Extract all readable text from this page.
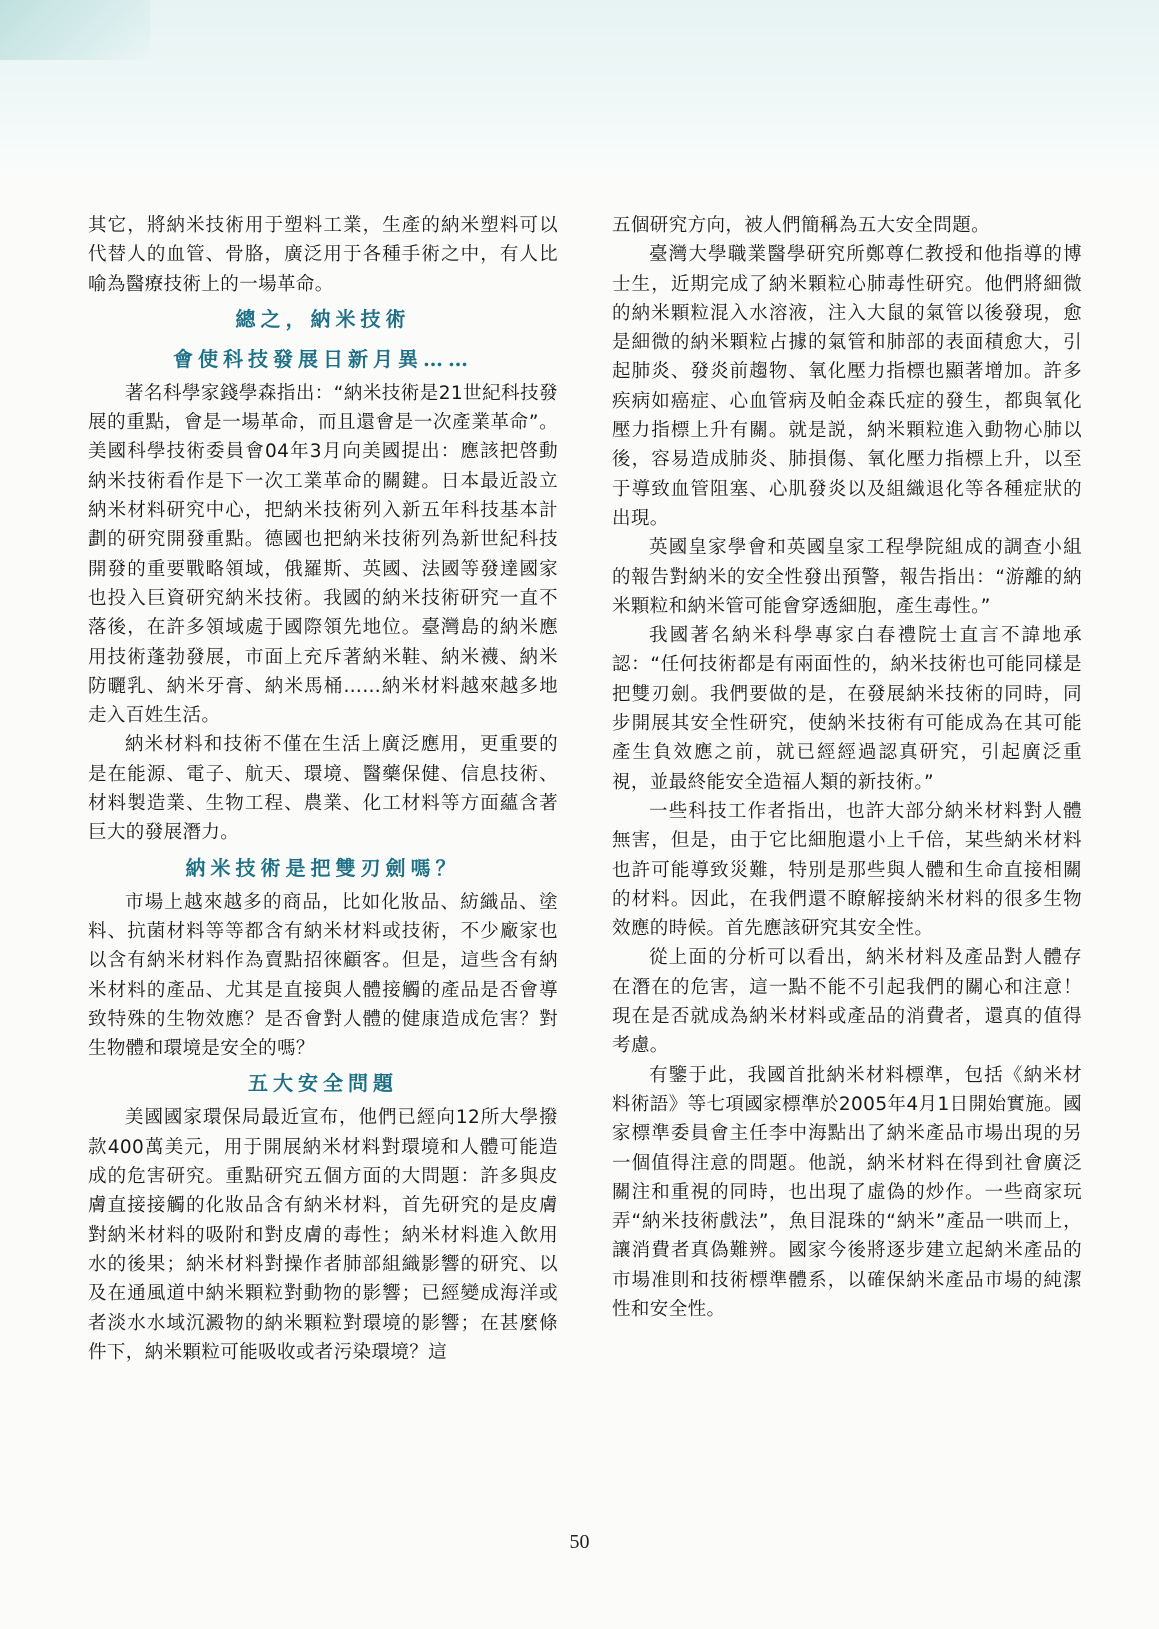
其它，將納米技術用于塑料工業，生產的納米塑料可以代替人的血管、骨胳，廣泛用于各種手術之中，有人比喻為醫療技術上的一場革命。

總之，納米技術

會使科技發展日新月異……

著名科學家錢學森指出：“納米技術是21世紀科技發展的重點，會是一場革命，而且還會是一次產業革命”。美國科學技術委員會04年3月向美國提出：應該把啓動納米技術看作是下一次工業革命的關鍵。日本最近設立納米材料研究中心，把納米技術列入新五年科技基本計劃的研究開發重點。德國也把納米技術列為新世紀科技開發的重要戰略領域，俄羅斯、英國、法國等發達國家也投入巨資研究納米技術。我國的納米技術研究一直不落後，在許多領域處于國際領先地位。臺灣島的納米應用技術蓬勃發展，市面上充斥著納米鞋、納米襪、納米防曬乳、納米牙膏、納米馬桶……納米材料越來越多地走入百姓生活。

納米材料和技術不僅在生活上廣泛應用，更重要的是在能源、電子、航天、環境、醫藥保健、信息技術、材料製造業、生物工程、農業、化工材料等方面蘊含著巨大的發展潛力。

納米技術是把雙刃劍嗎？

市場上越來越多的商品，比如化妝品、紡織品、塗料、抗菌材料等等都含有納米材料或技術，不少廠家也以含有納米材料作為賣點招徠顧客。但是，這些含有納米材料的產品、尤其是直接與人體接觸的產品是否會導致特殊的生物效應？是否會對人體的健康造成危害？對生物體和環境是安全的嗎？

五大安全問題

美國國家環保局最近宣布，他們已經向12所大學撥款400萬美元，用于開展納米材料對環境和人體可能造成的危害研究。重點研究五個方面的大問題：許多與皮膚直接接觸的化妝品含有納米材料，首先研究的是皮膚對納米材料的吸附和對皮膚的毒性；納米材料進入飲用水的後果；納米材料對操作者肺部組織影響的研究、以及在通風道中納米顆粒對動物的影響；已經變成海洋或者淡水水域沉澱物的納米顆粒對環境的影響；在甚麼條件下，納米顆粒可能吸收或者污染環境？這

五個研究方向，被人們簡稱為五大安全問題。

臺灣大學職業醫學研究所鄭尊仁教授和他指導的博士生，近期完成了納米顆粒心肺毒性研究。他們將細微的納米顆粒混入水溶液，注入大鼠的氣管以後發現，愈是細微的納米顆粒占據的氣管和肺部的表面積愈大，引起肺炎、發炎前趨物、氧化壓力指標也顯著增加。許多疾病如癌症、心血管病及帕金森氏症的發生，都與氧化壓力指標上升有關。就是説，納米顆粒進入動物心肺以後，容易造成肺炎、肺損傷、氧化壓力指標上升，以至于導致血管阻塞、心肌發炎以及組織退化等各種症狀的出現。

英國皇家學會和英國皇家工程學院組成的調查小組的報告對納米的安全性發出預警，報告指出：“游離的納米顆粒和納米管可能會穿透細胞，產生毒性。”

我國著名納米科學專家白春禮院士直言不諱地承認：“任何技術都是有兩面性的，納米技術也可能同樣是把雙刃劍。我們要做的是，在發展納米技術的同時，同步開展其安全性研究，使納米技術有可能成為在其可能產生負效應之前，就已經經過認真研究，引起廣泛重視，並最終能安全造福人類的新技術。”

一些科技工作者指出，也許大部分納米材料對人體無害，但是，由于它比細胞還小上千倍，某些納米材料也許可能導致災難，特別是那些與人體和生命直接相關的材料。因此，在我們還不瞭解接納米材料的很多生物效應的時候。首先應該研究其安全性。

從上面的分析可以看出，納米材料及產品對人體存在潛在的危害，這一點不能不引起我們的關心和注意！現在是否就成為納米材料或產品的消費者，還真的值得考慮。

有鑒于此，我國首批納米材料標準，包括《納米材料術語》等七項國家標準於2005年4月1日開始實施。國家標準委員會主任李中海點出了納米產品市場出現的另一個值得注意的問題。他説，納米材料在得到社會廣泛關注和重視的同時，也出現了虛偽的炒作。一些商家玩弄“納米技術戲法”，魚目混珠的“納米”產品一哄而上，讓消費者真偽難辨。國家今後將逐步建立起納米產品的市場准則和技術標準體系，以確保納米產品市場的純潔性和安全性。

50
